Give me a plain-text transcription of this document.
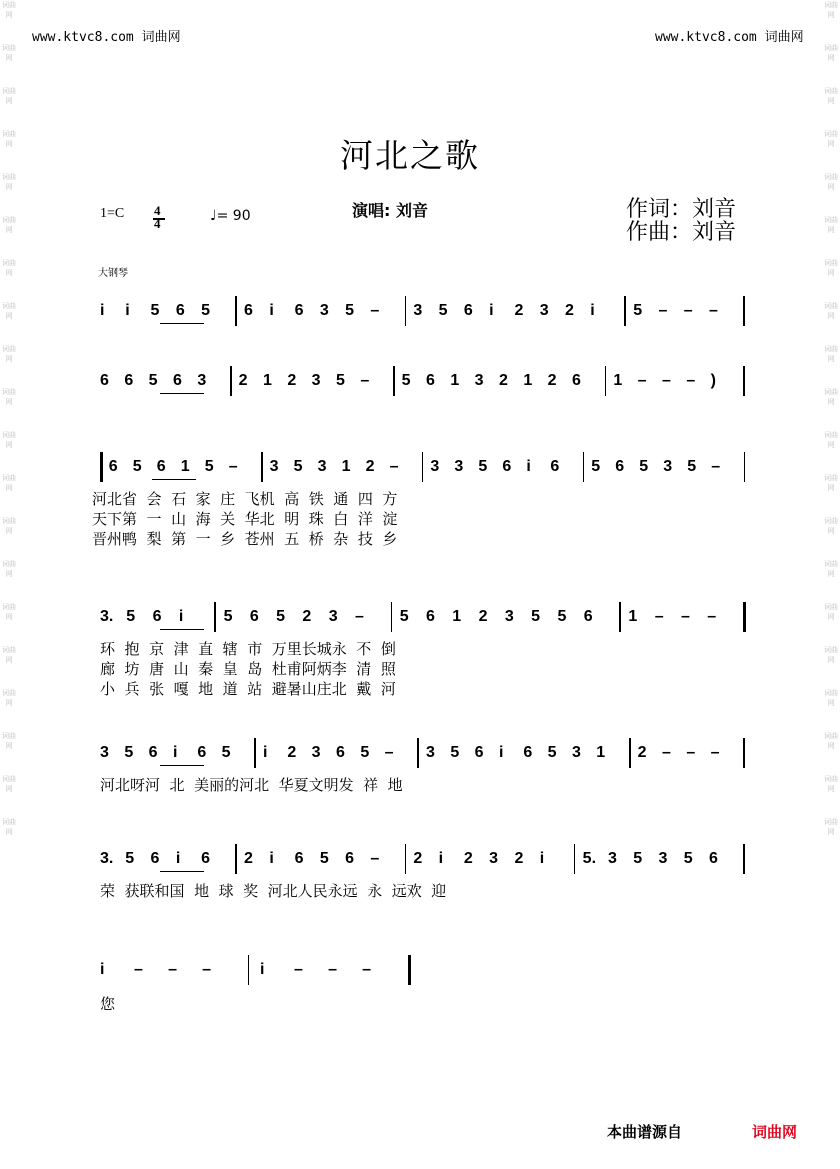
词曲网
词曲网
词曲网
词曲网
词曲网
词曲网
词曲网
词曲网
词曲网
词曲网
词曲网
词曲网
词曲网
词曲网
词曲网
词曲网
词曲网
词曲网
词曲网
词曲网
词曲网
词曲网
词曲网
词曲网
词曲网
词曲网
词曲网
词曲网
词曲网
词曲网
词曲网
词曲网
词曲网
词曲网
词曲网
词曲网
词曲网
词曲网
词曲网
词曲网
www.ktvc8.com 词曲网	www.ktvc8.com 词曲网
河北之歌
1=C 4
4	♩= 90	演唱: 刘音	作词：刘音
作曲：刘音
大钢琴
i i 5 6 5 6 i 6 3 5 – 3 5 6 i 2 3 2 i 5 – – –
6 6 5 6 3 2 1 2 3 5 – 5 6 1 3 2 1 2 6 1 – – – )
6 5 6 1 5 – 3 5 3 1 2 – 3 3 5 6 i 6 5 6 5 3 5 –
河北省  会  石  家  庄  飞机  高  铁  通  四  方
天下第  一  山  海  关  华北  明  珠  白  洋  淀
晋州鸭  梨  第  一  乡  苍州  五  桥  杂  技  乡
3. 5 6 i	5 6 5 2 3 – 5 6 1 2 3 5 5 6 1 – – –
环  抱  京  津  直  辖  市  万里长城永  不  倒
廊  坊  唐  山  秦  皇  岛  杜甫阿炳李  清  照
小  兵  张  嘎  地  道  站  避暑山庄北  戴  河
3 5 6 i 6 5 i 2 3 6 5 – 3 5 6 i 6 5 3 1 2 – – –
河北呀河  北  美丽的河北  华夏文明发  祥  地
3. 5 6 i 6 2 i 6 5 6 – 2 i 2 3 2 i 5. 3 5 3 5 6
荣  获联和国  地  球  奖  河北人民永远  永  远欢  迎
i – – –	i – – –
您
本曲谱源自	词曲网
